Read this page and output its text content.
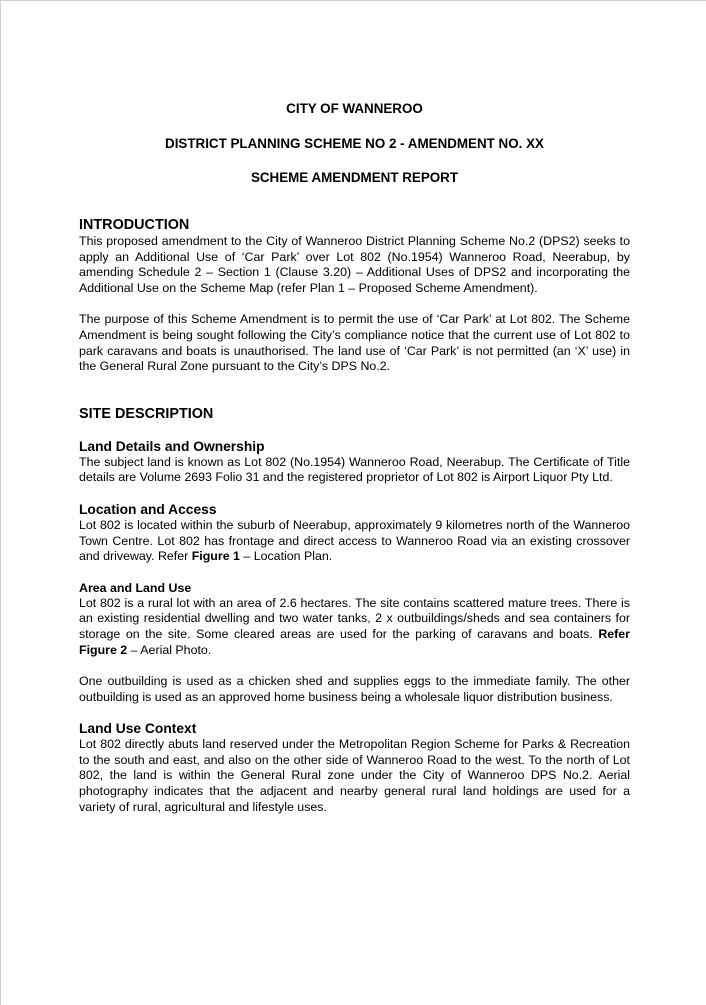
CITY OF WANNEROO

DISTRICT PLANNING SCHEME NO 2 - AMENDMENT NO. XX

SCHEME AMENDMENT REPORT

INTRODUCTION

This proposed amendment to the City of Wanneroo District Planning Scheme No.2 (DPS2) seeks to apply an Additional Use of ‘Car Park’ over Lot 802 (No.1954) Wanneroo Road, Neerabup, by amending Schedule 2 – Section 1 (Clause 3.20) – Additional Uses of DPS2 and incorporating the Additional Use on the Scheme Map (refer Plan 1 – Proposed Scheme Amendment).

The purpose of this Scheme Amendment is to permit the use of ‘Car Park’ at Lot 802. The Scheme Amendment is being sought following the City’s compliance notice that the current use of Lot 802 to park caravans and boats is unauthorised. The land use of ‘Car Park’ is not permitted (an ‘X’ use) in the General Rural Zone pursuant to the City’s DPS No.2.

SITE DESCRIPTION
Land Details and Ownership

The subject land is known as Lot 802 (No.1954) Wanneroo Road, Neerabup. The Certificate of Title details are Volume 2693 Folio 31 and the registered proprietor of Lot 802 is Airport Liquor Pty Ltd.

Location and Access

Lot 802 is located within the suburb of Neerabup, approximately 9 kilometres north of the Wanneroo Town Centre. Lot 802 has frontage and direct access to Wanneroo Road via an existing crossover and driveway. Refer Figure 1 – Location Plan.

Area and Land Use

Lot 802 is a rural lot with an area of 2.6 hectares. The site contains scattered mature trees. There is an existing residential dwelling and two water tanks, 2 x outbuildings/sheds and sea containers for storage on the site. Some cleared areas are used for the parking of caravans and boats. Refer Figure 2 – Aerial Photo.

One outbuilding is used as a chicken shed and supplies eggs to the immediate family. The other outbuilding is used as an approved home business being a wholesale liquor distribution business.

Land Use Context

Lot 802 directly abuts land reserved under the Metropolitan Region Scheme for Parks & Recreation to the south and east, and also on the other side of Wanneroo Road to the west. To the north of Lot 802, the land is within the General Rural zone under the City of Wanneroo DPS No.2. Aerial photography indicates that the adjacent and nearby general rural land holdings are used for a variety of rural, agricultural and lifestyle uses.
